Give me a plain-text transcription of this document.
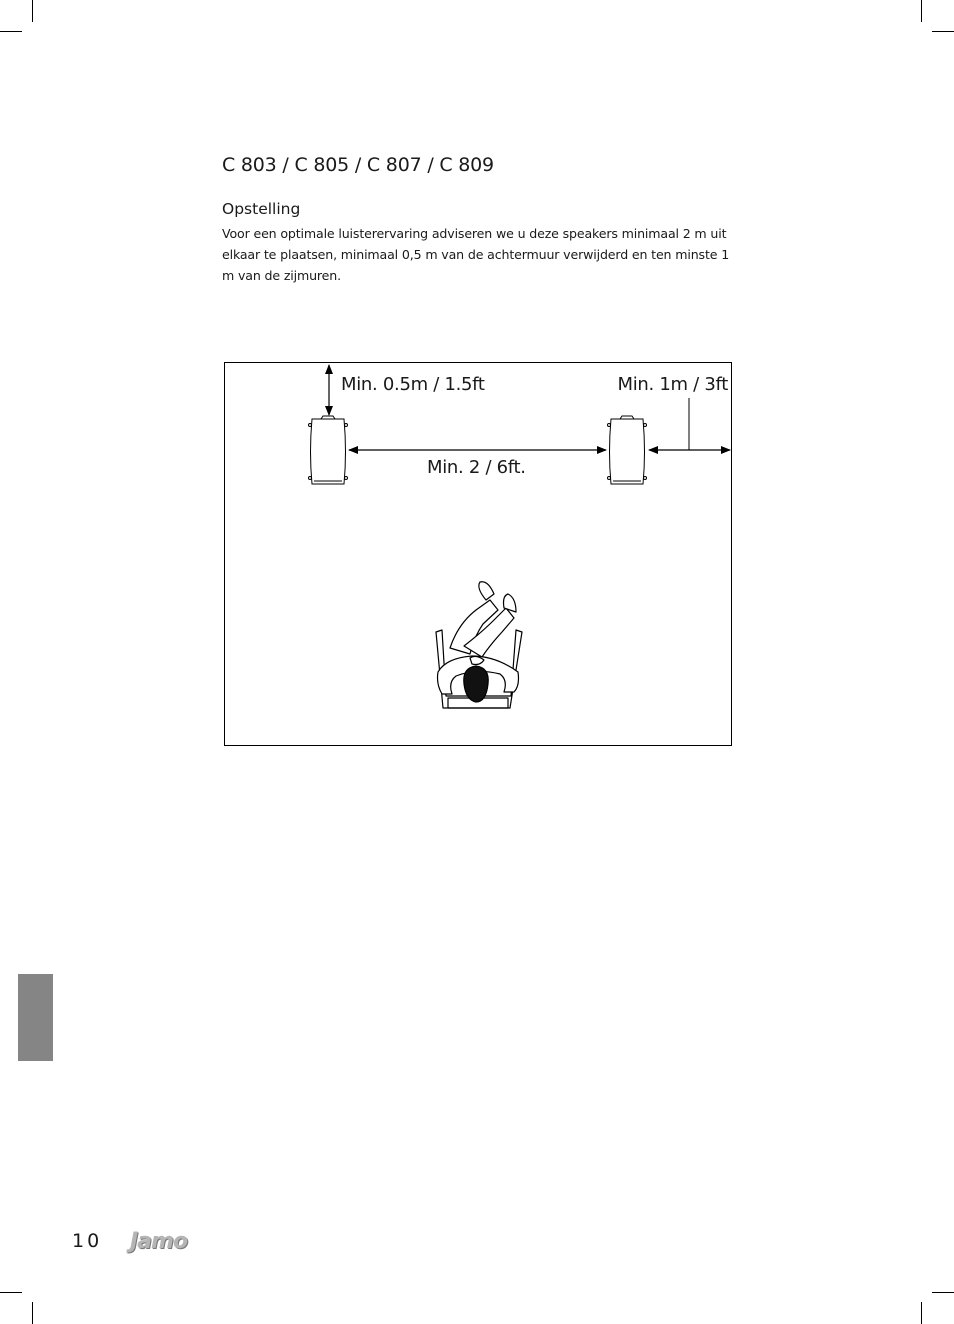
C 803 / C 805 / C 807 / C 809
Opstelling

Voor een optimale luisterervaring adviseren we u deze speakers minimaal 2 m uit elkaar te plaatsen, minimaal 0,5 m van de achtermuur verwijderd en ten minste 1 m van de zijmuren.

Min. 0.5m / 1.5ft	Min. 1m / 3ft
Min. 2 / 6ft.
10 Jamo
